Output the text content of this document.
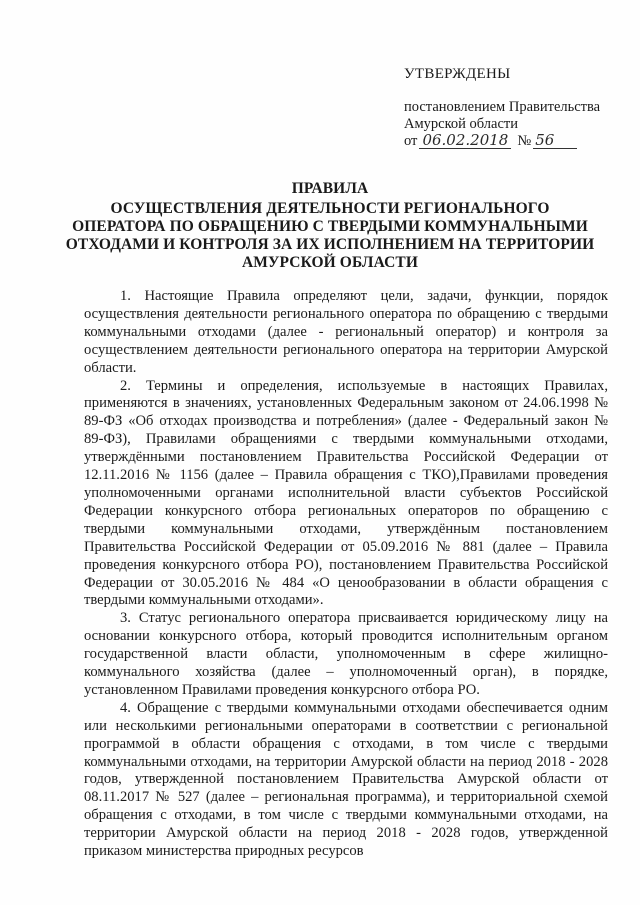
УТВЕРЖДЕНЫ
постановлением Правительства
Амурской области
от 06.02.2018 № 56
ПРАВИЛА
ОСУЩЕСТВЛЕНИЯ ДЕЯТЕЛЬНОСТИ РЕГИОНАЛЬНОГО
ОПЕРАТОРА ПО ОБРАЩЕНИЮ С ТВЕРДЫМИ КОММУНАЛЬНЫМИ
ОТХОДАМИ И КОНТРОЛЯ ЗА ИХ ИСПОЛНЕНИЕМ НА ТЕРРИТОРИИ
АМУРСКОЙ ОБЛАСТИ

1. Настоящие Правила определяют цели, задачи, функции, порядок осуществления деятельности регионального оператора по обращению с твердыми коммунальными отходами (далее - региональный оператор) и контроля за осуществлением деятельности регионального оператора на территории Амурской области.

2. Термины и определения, используемые в настоящих Правилах, применяются в значениях, установленных Федеральным законом от 24.06.1998 № 89-ФЗ «Об отходах производства и потребления» (далее - Федеральный закон № 89-ФЗ), Правилами обращениями с твердыми коммунальными отходами, утверждёнными постановлением Правительства Российской Федерации от 12.11.2016 № 1156 (далее – Правила обращения с ТКО),Правилами проведения уполномоченными органами исполнительной власти субъектов Российской Федерации конкурсного отбора региональных операторов по обращению с твердыми коммунальными отходами, утверждённым постановлением Правительства Российской Федерации от 05.09.2016 № 881 (далее – Правила проведения конкурсного отбора РО), постановлением Правительства Российской Федерации от 30.05.2016 № 484 «О ценообразовании в области обращения с твердыми коммунальными отходами».

3. Статус регионального оператора присваивается юридическому лицу на основании конкурсного отбора, который проводится исполнительным органом государственной власти области, уполномоченным в сфере жилищно-коммунального хозяйства (далее – уполномоченный орган), в порядке, установленном Правилами проведения конкурсного отбора РО.

4. Обращение с твердыми коммунальными отходами обеспечивается одним или несколькими региональными операторами в соответствии с региональной программой в области обращения с отходами, в том числе с твердыми коммунальными отходами, на территории Амурской области на период 2018 - 2028 годов, утвержденной постановлением Правительства Амурской области от 08.11.2017 № 527 (далее – региональная программа), и территориальной схемой обращения с отходами, в том числе с твердыми коммунальными отходами, на территории Амурской области на период 2018 - 2028 годов, утвержденной приказом министерства природных ресурсов
